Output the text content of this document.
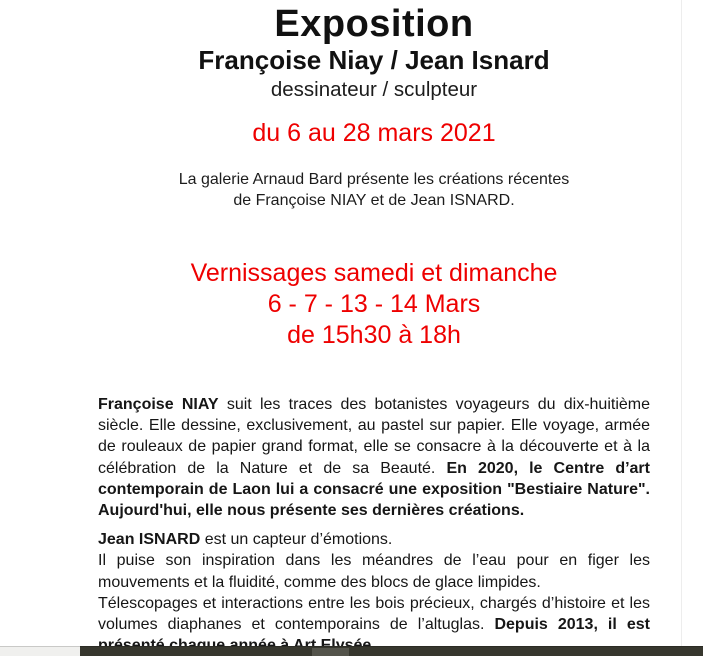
Exposition
Françoise Niay / Jean Isnard
dessinateur / sculpteur
du 6 au 28 mars 2021
La galerie Arnaud Bard présente les créations récentes
de Françoise NIAY et de Jean ISNARD.
Vernissages samedi et dimanche
6 - 7 - 13 - 14 Mars
de 15h30 à 18h
Françoise NIAY suit les traces des botanistes voyageurs du dix-huitième
siècle. Elle dessine, exclusivement, au pastel sur papier. Elle voyage, armée
de rouleaux de papier grand format, elle se consacre à la découverte et à la
célébration de la Nature et de sa Beauté. En 2020, le Centre d’art
contemporain de Laon lui a consacré une exposition "Bestiaire Nature".
Aujourd'hui, elle nous présente ses dernières créations.
Jean ISNARD est un capteur d’émotions.
Il puise son inspiration dans les méandres de l’eau pour en figer les
mouvements et la fluidité, comme des blocs de glace limpides.
Télescopages et interactions entre les bois précieux, chargés d’histoire et les
volumes diaphanes et contemporains de l’altuglas. Depuis 2013, il est
